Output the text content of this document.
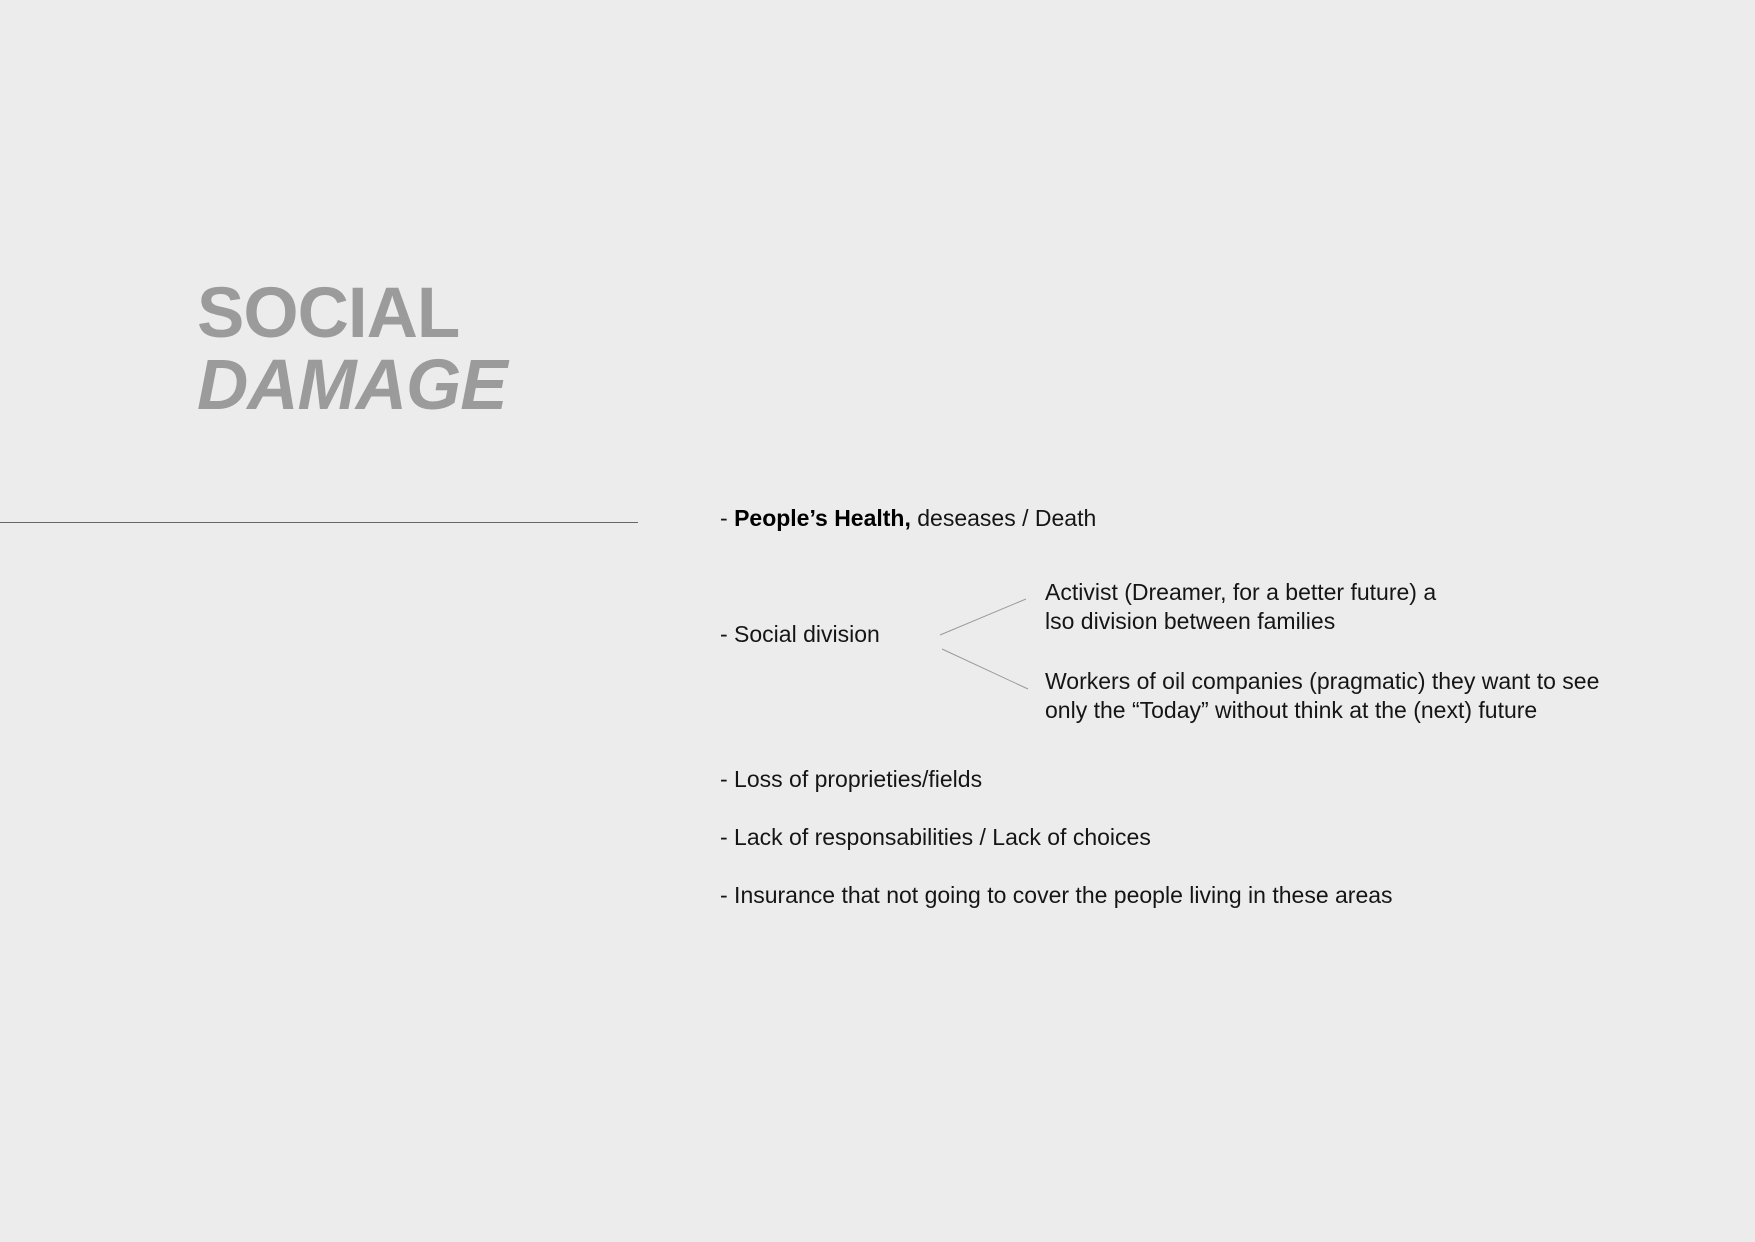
SOCIAL
DAMAGE
- People’s Health, deseases / Death
- Social division
Activist (Dreamer, for a better future) a
lso division between families
Workers of oil companies (pragmatic) they want to see
only the “Today” without think at the (next) future
- Loss of proprieties/fields
- Lack of responsabilities / Lack of choices
- Insurance that not going to cover the people living in these areas
